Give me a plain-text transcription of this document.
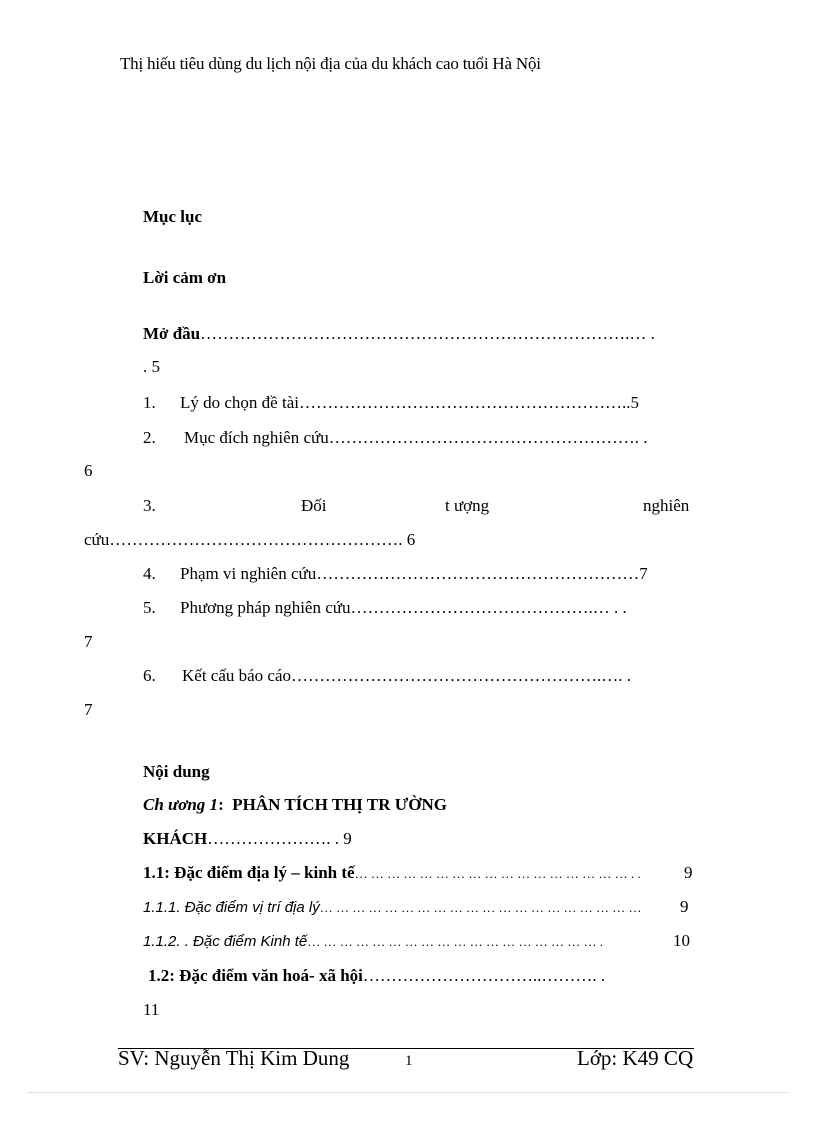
Thị hiếu tiêu dùng du lịch nội địa của du khách cao tuổi Hà Nội
Mục lục
Lời cảm ơn
Mở đầu………………………………………………………………….… .
. 5
1. Lý do chọn đề tài…………………………………………………..5
2. Mục đích nghiên cứu………………………………………………. .
6
3.	Đối	t ượng	nghiên
cứu……………………………………………. 6
4. Phạm vi nghiên cứu…………………………………………………7
5. Phương pháp nghiên cứu…………………………………….… . .
7
6. Kết cấu báo cáo……………………………………………….…. .
7
Nội dung
Ch ương 1: PHÂN TÍCH THỊ TR ƯỜNG
KHÁCH…………………. . 9
1.1: Đặc điểm địa lý – kinh tế… … … … … … … … … … … … … … … … … . .	9
1.1.1. Đặc điểm vị trí địa lý… … … … … … … … … … … … … … … … … … … … 9
1.1.2. . Đặc điểm Kinh tế… … … … … … … … … … … … … … … … … … .	10
1.2: Đặc điểm văn hoá- xã hội…………………………..………. .
11
SV: Nguyễn Thị Kim Dung	1	Lớp: K49 CQ
